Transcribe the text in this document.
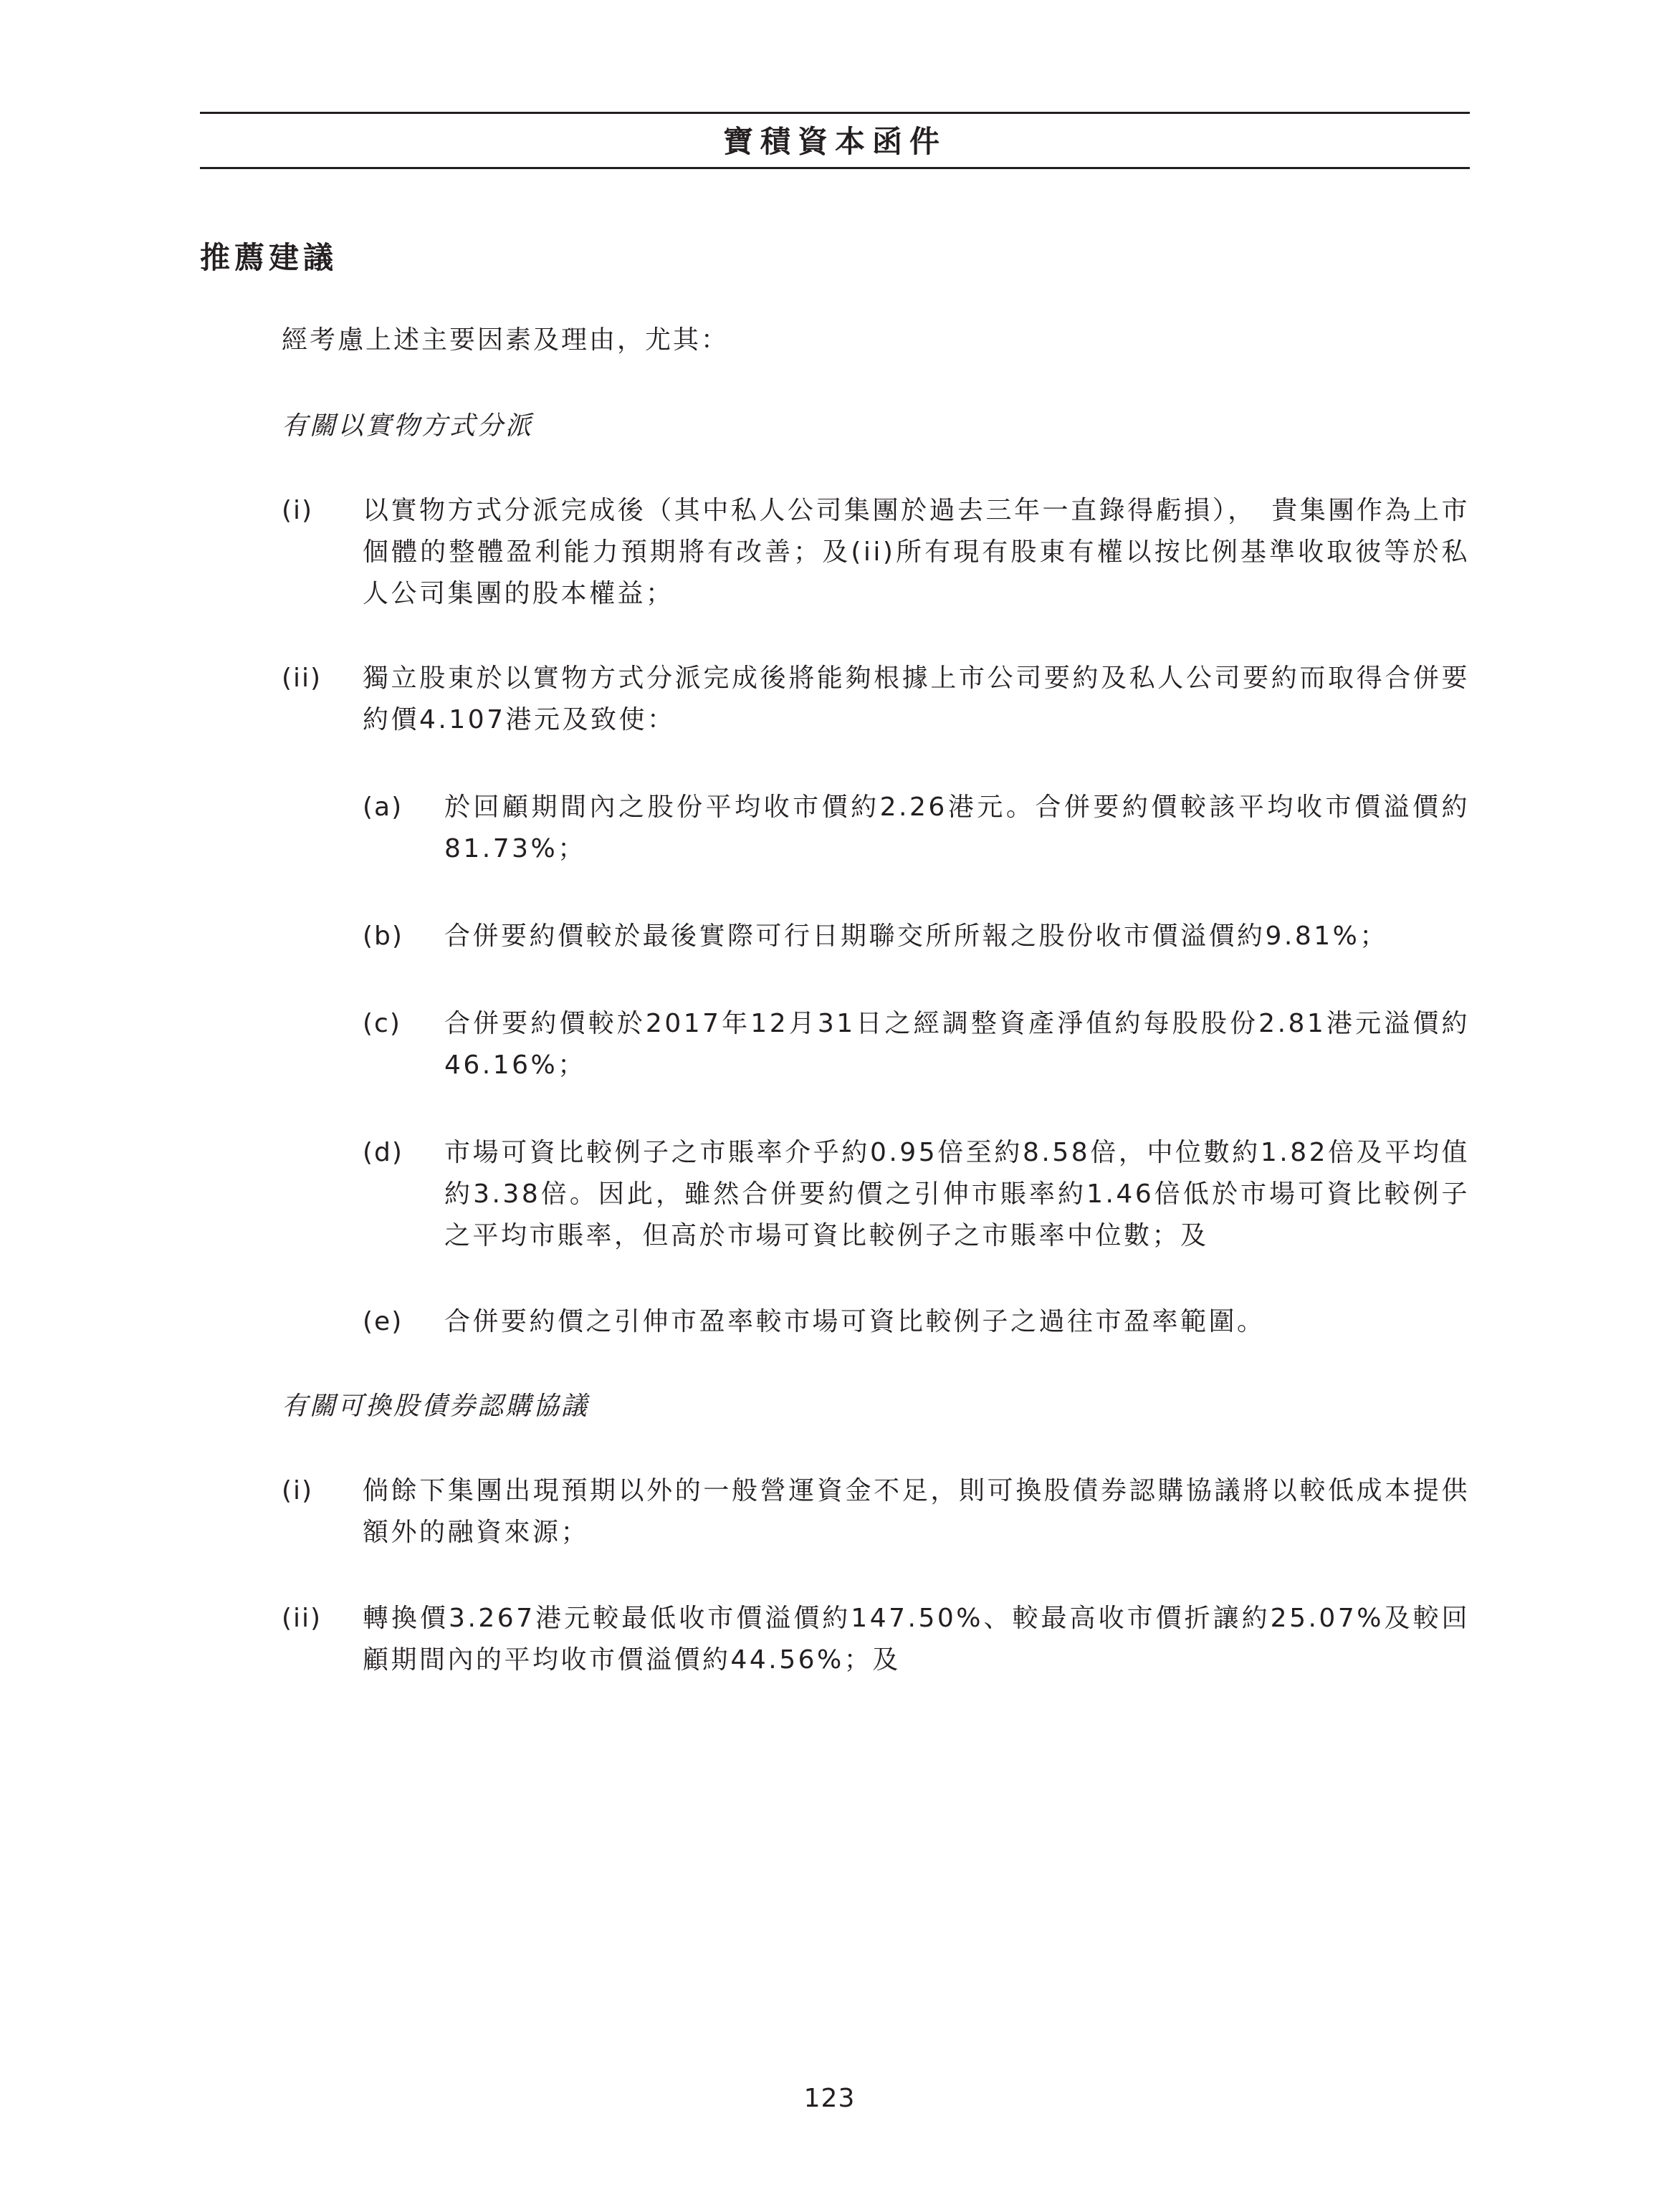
寶積資本函件
推薦建議
經考慮上述主要因素及理由，尤其：
有關以實物方式分派
(i) 以實物方式分派完成後（其中私人公司集團於過去三年一直錄得虧損），　貴集團作為上市個體的整體盈利能力預期將有改善；及(ii)所有現有股東有權以按比例基準收取彼等於私人公司集團的股本權益；
(ii) 獨立股東於以實物方式分派完成後將能夠根據上市公司要約及私人公司要約而取得合併要約價4.107港元及致使：
(a) 於回顧期間內之股份平均收市價約2.26港元。合併要約價較該平均收市價溢價約81.73%；
(b) 合併要約價較於最後實際可行日期聯交所所報之股份收市價溢價約9.81%；
(c) 合併要約價較於2017年12月31日之經調整資產淨值約每股股份2.81港元溢價約46.16%；
(d) 市場可資比較例子之市賬率介乎約0.95倍至約8.58倍，中位數約1.82倍及平均值約3.38倍。因此，雖然合併要約價之引伸市賬率約1.46倍低於市場可資比較例子之平均市賬率，但高於市場可資比較例子之市賬率中位數；及
(e) 合併要約價之引伸市盈率較市場可資比較例子之過往市盈率範圍。
有關可換股債券認購協議
(i) 倘餘下集團出現預期以外的一般營運資金不足，則可換股債券認購協議將以較低成本提供額外的融資來源；
(ii) 轉換價3.267港元較最低收市價溢價約147.50%、較最高收市價折讓約25.07%及較回顧期間內的平均收市價溢價約44.56%；及
123
